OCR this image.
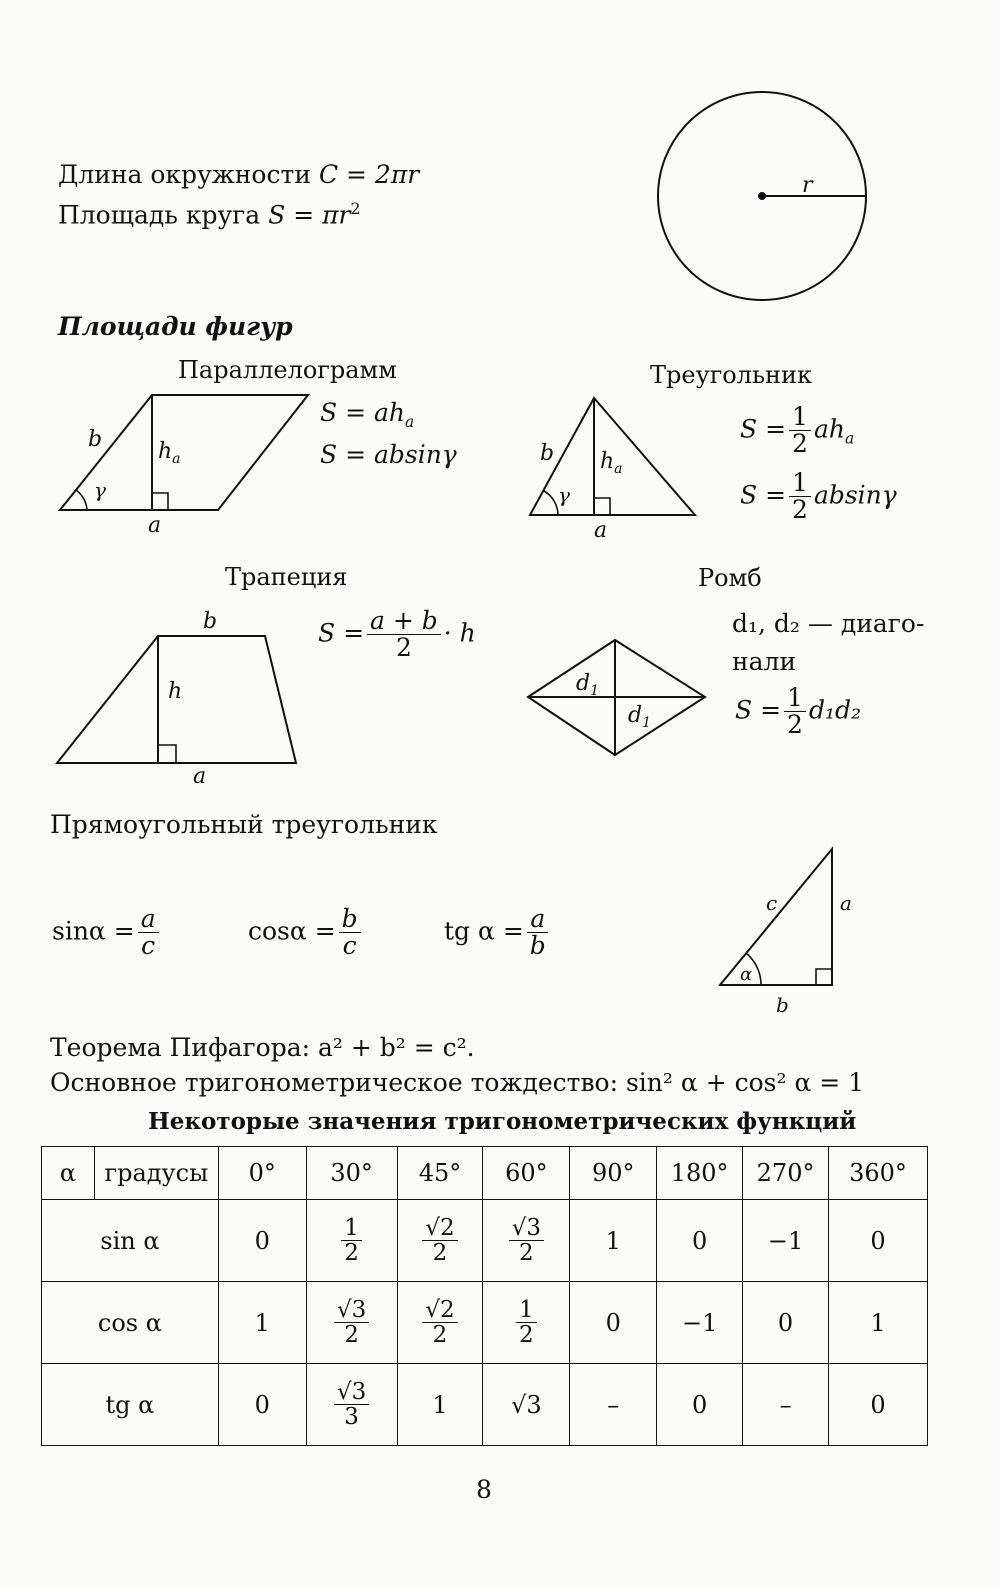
Длина окружности C = 2πr
Площадь круга $S = \pi r^2$
r
Площади фигур
Параллелограмм
b	$h_a$
γ
a
$S = ah_a$
S = absinγ
Треугольник
b $h_a$
γ
a
$S = \frac{1}{2} ah_a$
$S = \frac{1}{2}$ absinγ
Трапеция
b
h
a
$S = \frac{a + b}{2} \cdot h$
Ромб
$d_1$
$d_1$
d₁, d₂ — диаго-
нали
$S = \frac{1}{2} d_1d_2$
Прямоугольный треугольник
$\sin\alpha = \frac{a}{c}$	$\cos\alpha = \frac{b}{c}$	tg $\alpha = \frac{a}{b}$
c	a
b
α
Теорема Пифагора: a² + b² = c².
Основное тригонометрическое тождество: sin² α + cos² α = 1
Некоторые значения тригонометрических функций
α	градусы	0°	30°	45°	60°	90°	180°	270°	360°
sin α		0	$\frac{1}{2}$	$\frac{√2}{2}$	$\frac{√3}{2}$	1	0	−1	0
cos α		1	$\frac{√3}{2}$	$\frac{√2}{2}$	$\frac{1}{2}$	0	−1	0	1
tg α		0	$\frac{√3}{3}$	1	√3	–	0	–	0
8
